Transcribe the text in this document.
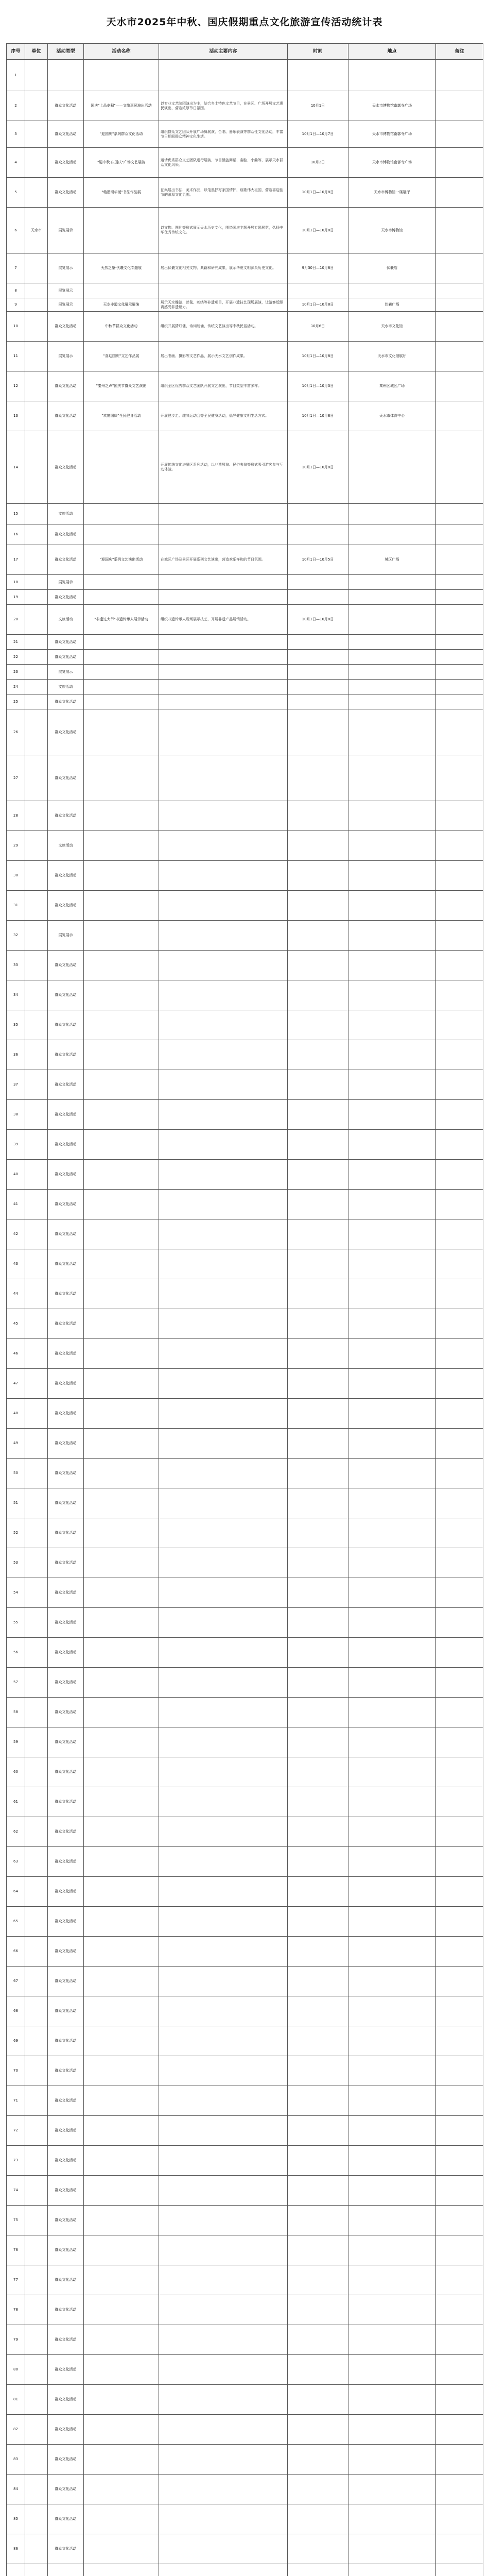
天水市2025年中秋、国庆假期重点文化旅游宣传活动统计表
序号	单位	活动类型	活动名称	活动主要内容	时间	地点	备注
1							
2		群众文化活动	国庆"上品麦积"——文旅惠民演出活动	以专业文艺院团演出为主，结合乡土特色文艺节目，在景区、广场开展文艺惠民演出，营造浓厚节日氛围。	10月1日	天水市博物馆南郭寺广场	
3		群众文化活动	"迎国庆"系列群众文化活动	组织群众文艺团队开展广场舞展演、合唱、器乐表演等群众性文化活动，丰富节日期间群众精神文化生活。	10月1日—10月7日	天水市博物馆南郭寺广场	
4		群众文化活动	"迎中秋·庆国庆"广场文艺展演	邀请优秀群众文艺团队进行展演，节目涵盖舞蹈、秦腔、小曲等，展示天水群众文化风采。	10月2日	天水市博物馆南郭寺广场	
5		群众文化活动	"翰墨颂华诞"书法作品展	征集展出书法、美术作品，以笔墨抒写家国情怀，讴歌伟大祖国，营造喜迎佳节的浓厚文化氛围。	10月1日—10月8日	天水市博物馆一楼展厅	
6	天水市	展览展示		以文物、图片等形式展示天水历史文化，围绕国庆主题开展专题展览，弘扬中华优秀传统文化。	10月1日—10月8日	天水市博物馆	
7		展览展示	天然之象·伏羲文化专题展	展出伏羲文化相关文物、典籍和研究成果，展示华夏文明源头历史文化。	9月30日—10月8日	伏羲庙	
8		展览展示					
9		展览展示	天水非遗文化展示展演	展示天水雕漆、丝毯、刺绣等非遗项目，开展非遗技艺现场展演，让游客近距离感受非遗魅力。	10月1日—10月8日	伏羲广场	
10		群众文化活动	中秋节群众文化活动	组织开展猜灯谜、诗词朗诵、传统文艺演出等中秋民俗活动。	10月6日	天水市文化馆	
11		展览展示	"喜迎国庆"文艺作品展	展出书画、摄影等文艺作品，展示天水文艺创作成果。	10月1日—10月8日	天水市文化馆展厅	
12		群众文化活动	"秦州之声"国庆节群众文艺演出	组织全区优秀群众文艺团队开展文艺演出，节目类型丰富多样。	10月1日—10月3日	秦州区城区广场	
13		群众文化活动	"欢度国庆"全民健身活动	开展健步走、趣味运动会等全民健身活动，倡导健康文明生活方式。	10月1日—10月8日	天水市体育中心	
14		群众文化活动		开展传统文化进景区系列活动，以非遗展演、民俗表演等形式吸引游客参与互动体验。	10月1日—10月8日		
15		文旅活动					
16		群众文化活动					
17		群众文化活动	"迎国庆"系列文艺演出活动	在城区广场及景区开展系列文艺演出，营造欢乐祥和的节日氛围。	10月1日—10月5日	城区广场	
18		展览展示					
19		群众文化活动					
20		文旅活动	"非遗过大节"非遗传承人展示活动	组织非遗传承人现场展示技艺，开展非遗产品展销活动。	10月1日—10月8日		
21		群众文化活动					
22		群众文化活动					
23		展览展示					
24		文旅活动					
25		群众文化活动					
26		群众文化活动					
27		群众文化活动					
28		群众文化活动					
29		文旅活动					
30		群众文化活动					
31		群众文化活动					
32		展览展示					
33		群众文化活动					
34		群众文化活动					
35		群众文化活动					
36		群众文化活动					
37		群众文化活动					
38		群众文化活动					
39		群众文化活动					
40		群众文化活动					
41		群众文化活动					
42		群众文化活动					
43		群众文化活动					
44		群众文化活动					
45		群众文化活动					
46		群众文化活动					
47		群众文化活动					
48		群众文化活动					
49		群众文化活动					
50		群众文化活动					
51		群众文化活动					
52		群众文化活动					
53		群众文化活动					
54		群众文化活动					
55		群众文化活动					
56		群众文化活动					
57		群众文化活动					
58		群众文化活动					
59		群众文化活动					
60		群众文化活动					
61		群众文化活动					
62		群众文化活动					
63		群众文化活动					
64		群众文化活动					
65		群众文化活动					
66		群众文化活动					
67		群众文化活动					
68		群众文化活动					
69		群众文化活动					
70		群众文化活动					
71		群众文化活动					
72		群众文化活动					
73		群众文化活动					
74		群众文化活动					
75		群众文化活动					
76		群众文化活动					
77		群众文化活动					
78		群众文化活动					
79		群众文化活动					
80		群众文化活动					
81		群众文化活动					
82		群众文化活动					
83		群众文化活动					
84		群众文化活动					
85		群众文化活动					
86		群众文化活动					
